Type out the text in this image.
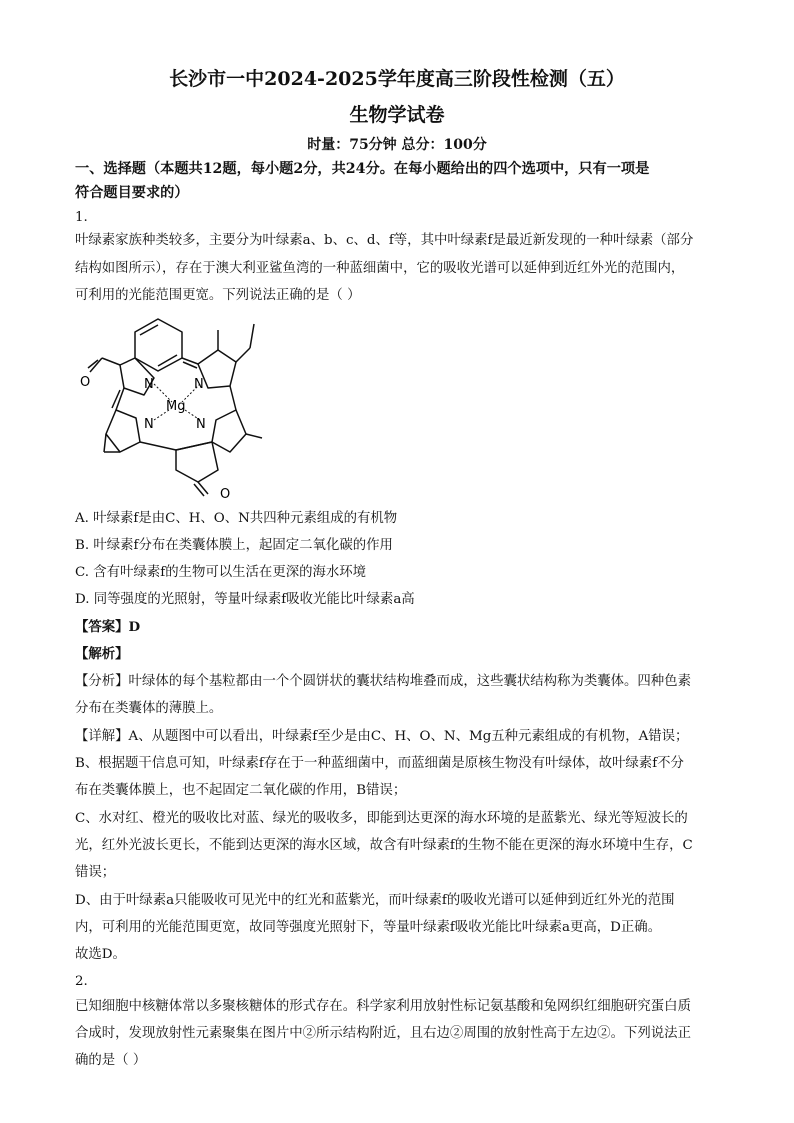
长沙市一中2024-2025学年度高三阶段性检测（五）
生物学试卷
时量：75分钟 总分：100分
一、选择题（本题共12题，每小题2分，共24分。在每小题给出的四个选项中，只有一项是
符合题目要求的）
1.
叶绿素家族种类较多，主要分为叶绿素a、b、c、d、f等，其中叶绿素f是最近新发现的一种叶绿素（部分
结构如图所示），存在于澳大利亚鲨鱼湾的一种蓝细菌中，它的吸收光谱可以延伸到近红外光的范围内，
可利用的光能范围更宽。下列说法正确的是（ ）
N	N
Mg
N	N
O
O
A. 叶绿素f是由C、H、O、N共四种元素组成的有机物
B. 叶绿素f分布在类囊体膜上，起固定二氧化碳的作用
C. 含有叶绿素f的生物可以生活在更深的海水环境
D. 同等强度的光照射，等量叶绿素f吸收光能比叶绿素a高
【答案】D
【解析】
【分析】叶绿体的每个基粒都由一个个圆饼状的囊状结构堆叠而成，这些囊状结构称为类囊体。四种色素
分布在类囊体的薄膜上。
【详解】A、从题图中可以看出，叶绿素f至少是由C、H、O、N、Mg五种元素组成的有机物，A错误；
B、根据题干信息可知，叶绿素f存在于一种蓝细菌中，而蓝细菌是原核生物没有叶绿体，故叶绿素f不分
布在类囊体膜上，也不起固定二氧化碳的作用，B错误；
C、水对红、橙光的吸收比对蓝、绿光的吸收多，即能到达更深的海水环境的是蓝紫光、绿光等短波长的
光，红外光波长更长，不能到达更深的海水区域，故含有叶绿素f的生物不能在更深的海水环境中生存，C
错误；
D、由于叶绿素a只能吸收可见光中的红光和蓝紫光，而叶绿素f的吸收光谱可以延伸到近红外光的范围
内，可利用的光能范围更宽，故同等强度光照射下，等量叶绿素f吸收光能比叶绿素a更高，D正确。
故选D。
2.
已知细胞中核糖体常以多聚核糖体的形式存在。科学家利用放射性标记氨基酸和兔网织红细胞研究蛋白质
合成时，发现放射性元素聚集在图片中②所示结构附近，且右边②周围的放射性高于左边②。下列说法正
确的是（ ）
